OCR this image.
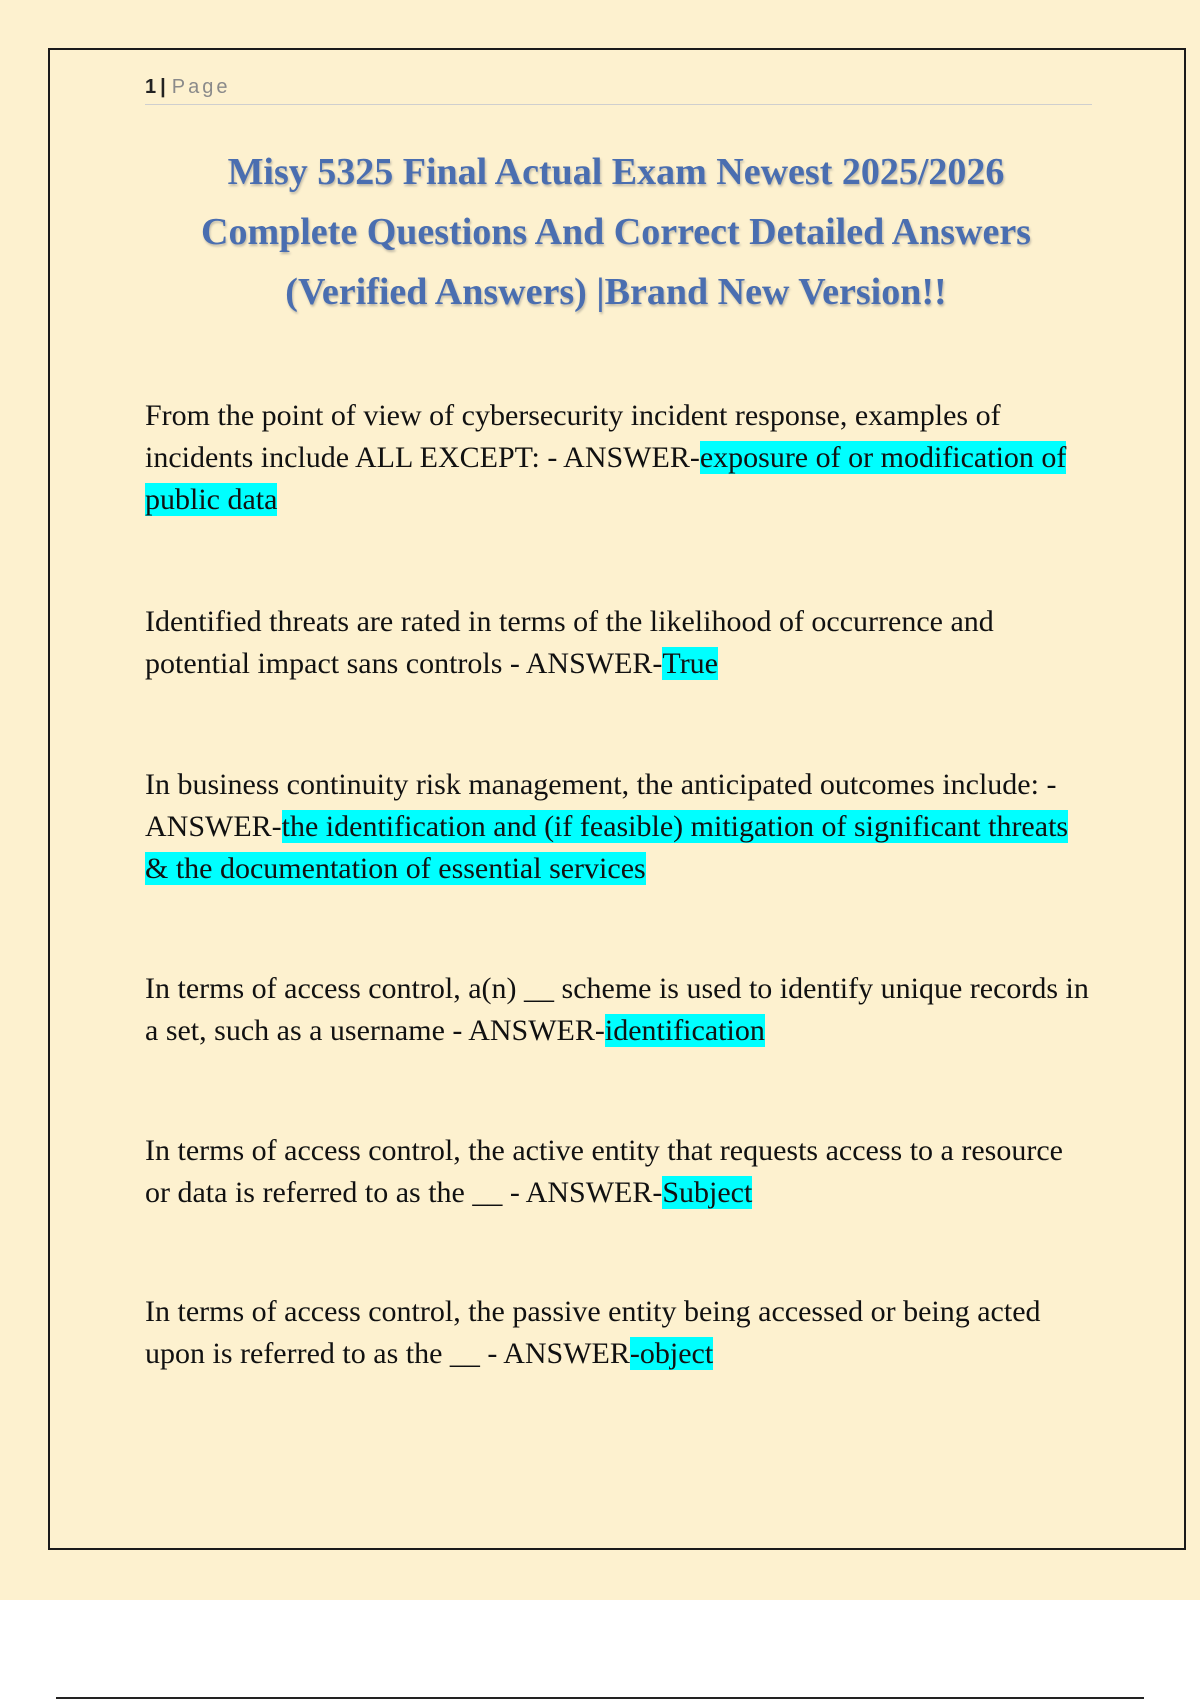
1 | Page
Misy 5325 Final Actual Exam Newest 2025/2026
Complete Questions And Correct Detailed Answers
(Verified Answers) |Brand New Version!!
From the point of view of cybersecurity incident response, examples of incidents include ALL EXCEPT: - ANSWER-exposure of or modification of public data
Identified threats are rated in terms of the likelihood of occurrence and potential impact sans controls - ANSWER-True
In business continuity risk management, the anticipated outcomes include: - ANSWER-the identification and (if feasible) mitigation of significant threats & the documentation of essential services
In terms of access control, a(n) __ scheme is used to identify unique records in a set, such as a username - ANSWER-identification
In terms of access control, the active entity that requests access to a resource or data is referred to as the __ - ANSWER-Subject
In terms of access control, the passive entity being accessed or being acted upon is referred to as the __ - ANSWER-object
